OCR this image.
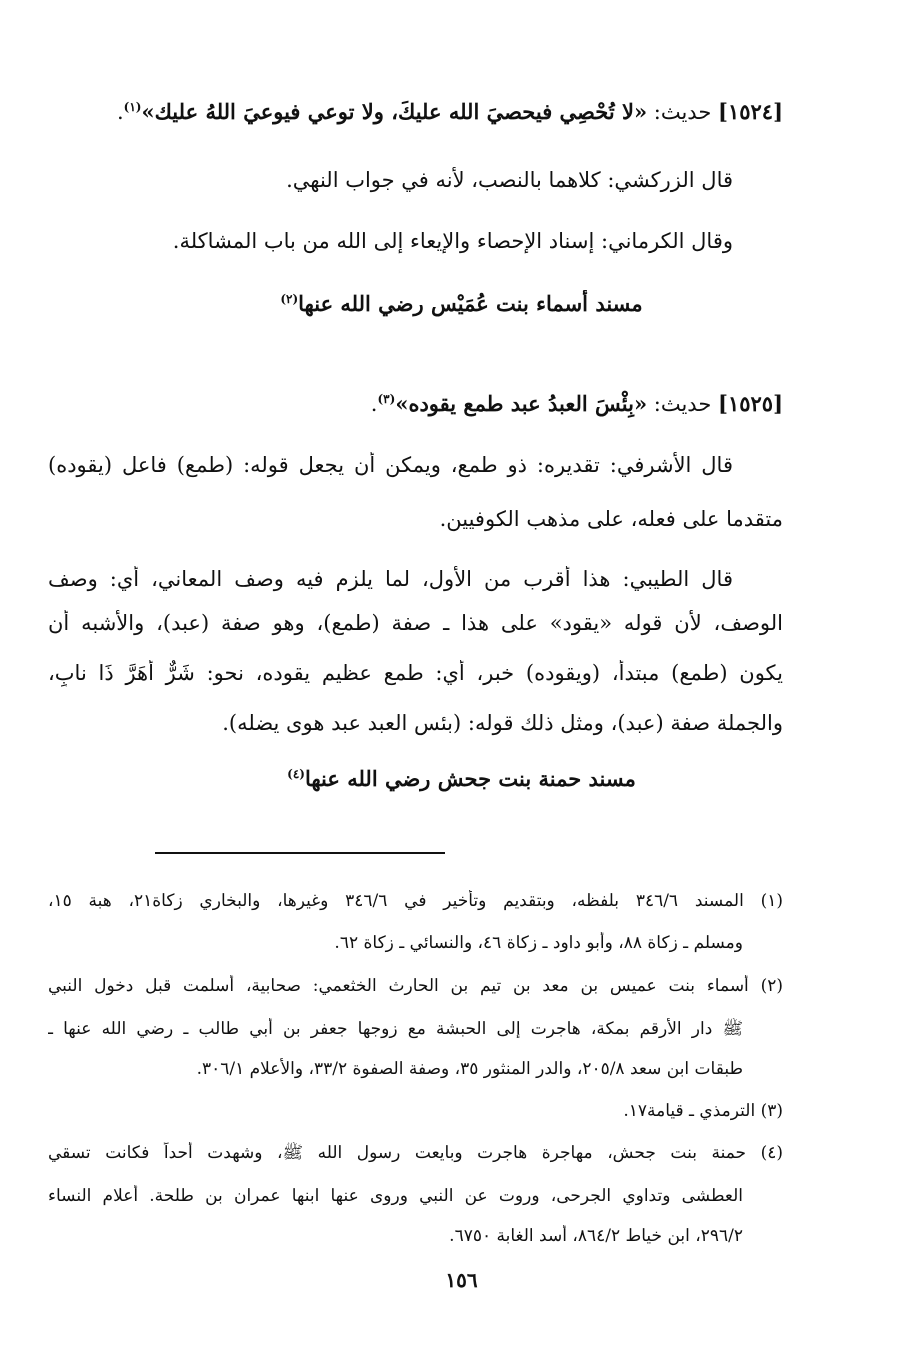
[١٥٢٤] حديث: «لا تُحْصِي فيحصيَ الله عليكَ، ولا توعي فيوعيَ اللهُ عليك»$^{(١)}$.
قال الزركشي: كلاهما بالنصب، لأنه في جواب النهي.
وقال الكرماني: إسناد الإحصاء والإيعاء إلى الله من باب المشاكلة.
مسند أسماء بنت عُمَيْس رضي الله عنها$^{(٢)}$
[١٥٢٥] حديث: «بِئْسَ العبدُ عبد طمع يقوده»$^{(٣)}$.
قال الأشرفي: تقديره: ذو طمع، ويمكن أن يجعل قوله: (طمع) فاعل (يقوده)
متقدما على فعله، على مذهب الكوفيين.
قال الطيبي: هذا أقرب من الأول، لما يلزم فيه وصف المعاني، أي: وصف
الوصف، لأن قوله «يقود» على هذا ـ صفة (طمع)، وهو صفة (عبد)، والأشبه أن
يكون (طمع) مبتدأ، (ويقوده) خبر، أي: طمع عظيم يقوده، نحو: شَرٌّ أَهَرَّ ذَا نابٍ،
والجملة صفة (عبد)، ومثل ذلك قوله: (بئس العبد عبد هوى يضله).
مسند حمنة بنت جحش رضي الله عنها$^{(٤)}$
(١) المسند ٣٤٦/٦ بلفظه، وبتقديم وتأخير في ٣٤٦/٦ وغيرها، والبخاري زكاة٢١، هبة ١٥،
ومسلم ـ زكاة ٨٨، وأبو داود ـ زكاة ٤٦، والنسائي ـ زكاة ٦٢.
(٢) أسماء بنت عميس بن معد بن تيم بن الحارث الخثعمي: صحابية، أسلمت قبل دخول النبي
ﷺ دار الأرقم بمكة، هاجرت إلى الحبشة مع زوجها جعفر بن أبي طالب ـ رضي الله عنها ـ
طبقات ابن سعد ٢٠٥/٨، والدر المنثور ٣٥، وصفة الصفوة ٣٣/٢، والأعلام ٣٠٦/١.
(٣) الترمذي ـ قيامة١٧.
(٤) حمنة بنت جحش، مهاجرة هاجرت وبايعت رسول الله ﷺ، وشهدت أحداً فكانت تسقي
العطشى وتداوي الجرحى، وروت عن النبي وروى عنها ابنها عمران بن طلحة. أعلام النساء
٢٩٦/٢، ابن خياط ٨٦٤/٢، أسد الغابة ٦٧٥٠.
١٥٦
